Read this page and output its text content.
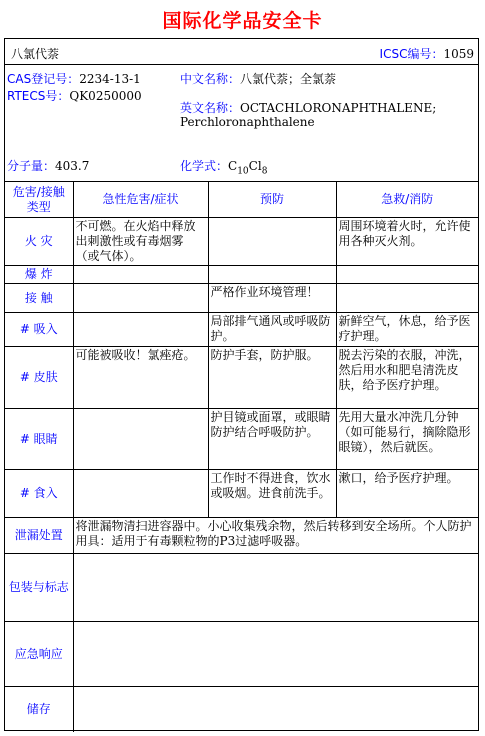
国际化学品安全卡
八氯代萘	ICSC编号：1059
CAS登记号：2234-13-1
RTECS号：QK0250000
中文名称：八氯代萘；全氯萘
英文名称：OCTACHLORONAPHTHALENE;
Perchloronaphthalene
分子量：403.7	化学式：$C_{10}Cl_8$
危害/接触类型	急性危害/症状	预防	急救/消防
火 灾	不可燃。在火焰中释放出刺激性或有毒烟雾（或气体）。		周围环境着火时，允许使用各种灭火剂。
爆 炸			
接 触		严格作业环境管理！	
# 吸入		局部排气通风或呼吸防护。	新鲜空气，休息，给予医疗护理。
# 皮肤	可能被吸收！氯痤疮。	防护手套，防护服。	脱去污染的衣服，冲洗，然后用水和肥皂清洗皮肤，给予医疗护理。
# 眼睛		护目镜或面罩，或眼睛防护结合呼吸防护。	先用大量水冲洗几分钟（如可能易行，摘除隐形眼镜），然后就医。
# 食入		工作时不得进食，饮水或吸烟。进食前洗手。	漱口，给予医疗护理。
泄漏处置	将泄漏物清扫进容器中。小心收集残余物，然后转移到安全场所。个人防护用具：适用于有毒颗粒物的P3过滤呼吸器。		
包装与标志			
应急响应			
储存			
